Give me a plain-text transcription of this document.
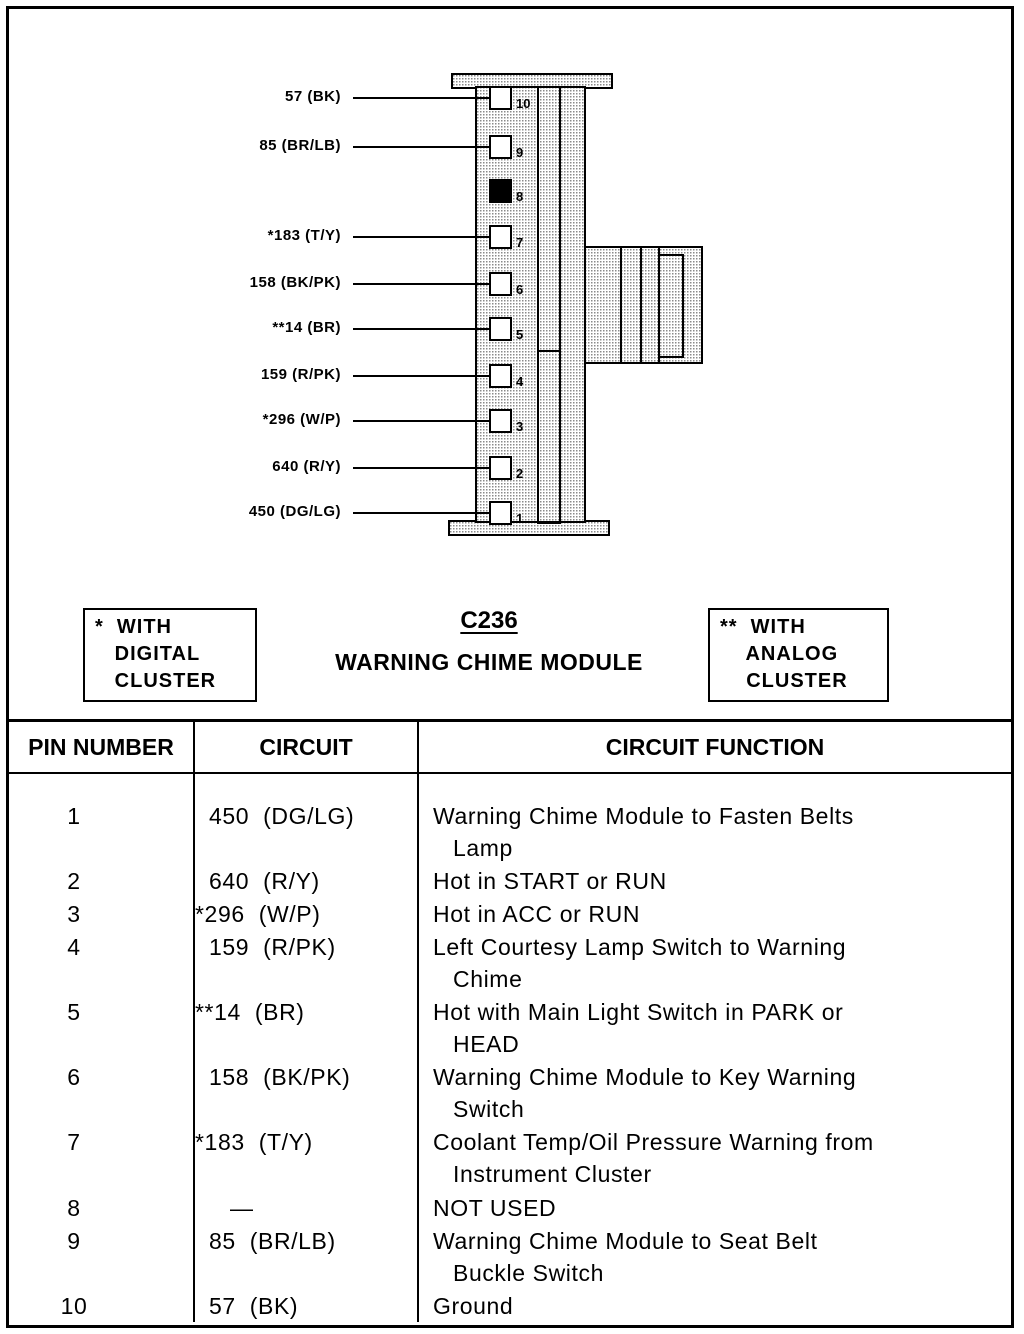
10
9
8
7
6
5
4
3
2
1
57 (BK)
85 (BR/LB)
*183 (T/Y)
158 (BK/PK)
**14 (BR)
159 (R/PK)
*296 (W/P)
640 (R/Y)
450 (DG/LG)
*  WITH
DIGITAL
CLUSTER
C236
WARNING CHIME MODULE
**  WITH
ANALOG
CLUSTER
PIN NUMBER	CIRCUIT	CIRCUIT FUNCTION
1	450  (DG/LG)	Warning Chime Module to Fasten Belts
Lamp
2	640  (R/Y)	Hot in START or RUN
3	*296  (W/P)	Hot in ACC or RUN
4	159  (R/PK)	Left Courtesy Lamp Switch to Warning
Chime
5	**14  (BR)	Hot with Main Light Switch in PARK or
HEAD
6	158  (BK/PK)	Warning Chime Module to Key Warning
Switch
7	*183  (T/Y)	Coolant Temp/Oil Pressure Warning from
Instrument Cluster
8	—	NOT USED
9	85  (BR/LB)	Warning Chime Module to Seat Belt
Buckle Switch
10	57  (BK)	Ground
